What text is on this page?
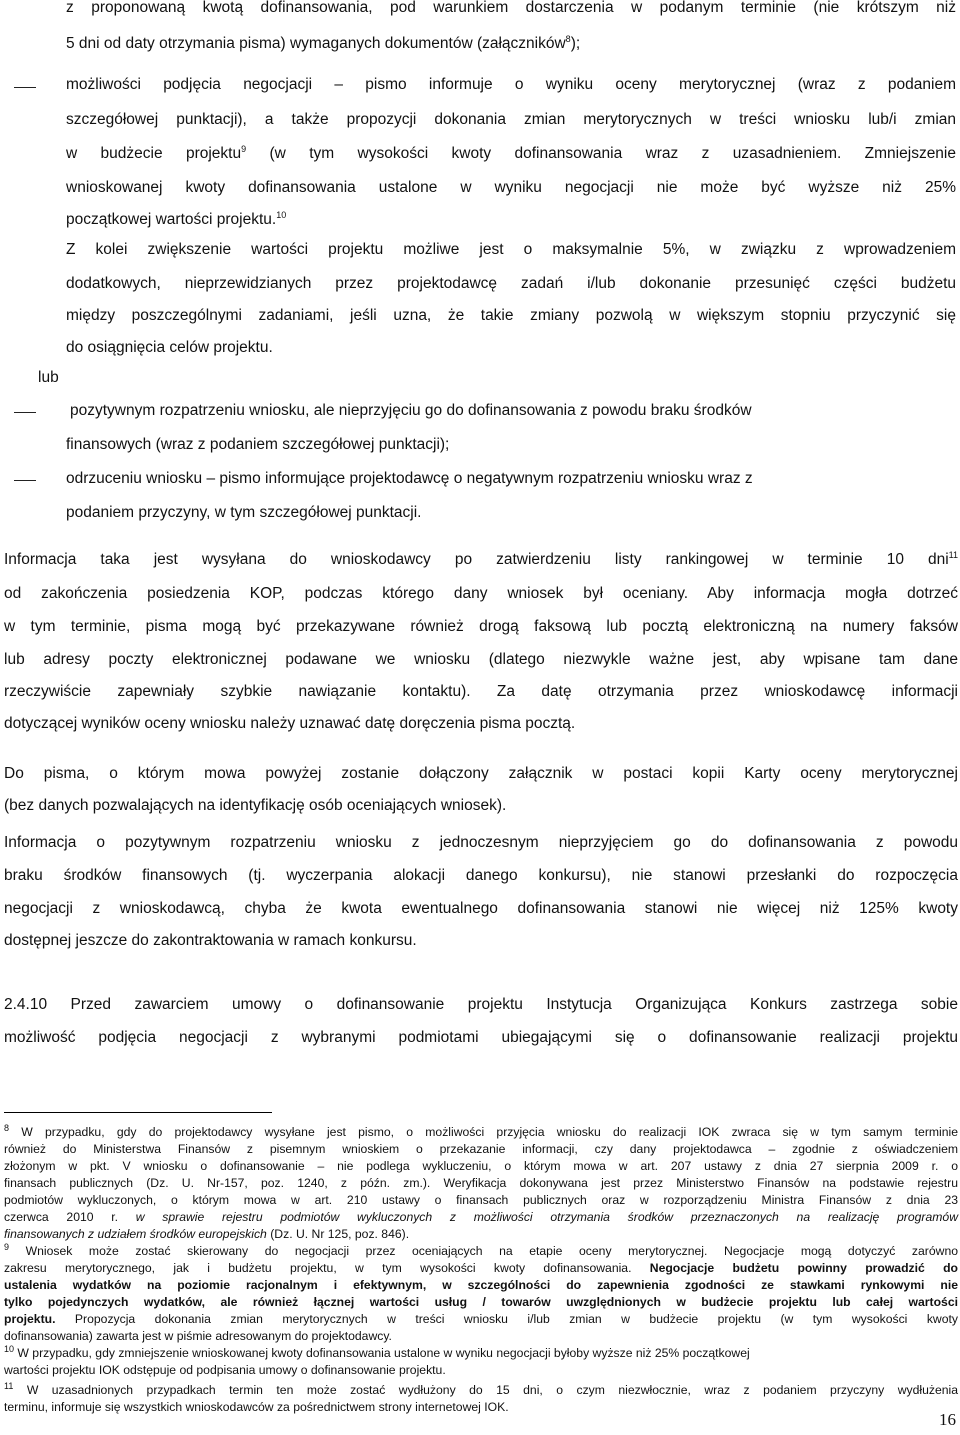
z proponowaną kwotą dofinansowania, pod warunkiem dostarczenia w podanym terminie (nie krótszym niż
5 dni od daty otrzymania pisma) wymaganych dokumentów (załączników$^8$);
możliwości podjęcia negocjacji – pismo informuje o wyniku oceny merytorycznej (wraz z podaniem
szczegółowej punktacji), a także propozycji dokonania zmian merytorycznych w treści wniosku lub/i zmian
w budżecie projektu$^9$ (w tym wysokości kwoty dofinansowania wraz z uzasadnieniem. Zmniejszenie
wnioskowanej kwoty dofinansowania ustalone w wyniku negocjacji nie może być wyższe niż 25%
początkowej wartości projektu.$^{10}$
Z kolei zwiększenie wartości projektu możliwe jest o maksymalnie 5%, w związku z wprowadzeniem
dodatkowych, nieprzewidzianych przez projektodawcę zadań i/lub dokonanie przesunięć części budżetu
między poszczególnymi zadaniami, jeśli uzna, że takie zmiany pozwolą w większym stopniu przyczynić się
do osiągnięcia celów projektu.
lub
pozytywnym rozpatrzeniu wniosku, ale nieprzyjęciu go do dofinansowania z powodu braku środków
finansowych (wraz z podaniem szczegółowej punktacji);
odrzuceniu wniosku – pismo informujące projektodawcę o negatywnym rozpatrzeniu wniosku wraz z
podaniem przyczyny, w tym szczegółowej punktacji.
Informacja taka jest wysyłana do wnioskodawcy po zatwierdzeniu listy rankingowej w terminie 10 dni$^{11}$
od zakończenia posiedzenia KOP, podczas którego dany wniosek był oceniany. Aby informacja mogła dotrzeć
w tym terminie, pisma mogą być przekazywane również drogą faksową lub pocztą elektroniczną na numery faksów
lub adresy poczty elektronicznej podawane we wniosku (dlatego niezwykle ważne jest, aby wpisane tam dane
rzeczywiście zapewniały szybkie nawiązanie kontaktu). Za datę otrzymania przez wnioskodawcę informacji
dotyczącej wyników oceny wniosku należy uznawać datę doręczenia pisma pocztą.
Do pisma, o którym mowa powyżej zostanie dołączony załącznik w postaci kopii Karty oceny merytorycznej
(bez danych pozwalających na identyfikację osób oceniających wniosek).
Informacja o pozytywnym rozpatrzeniu wniosku z jednoczesnym nieprzyjęciem go do dofinansowania z powodu
braku środków finansowych (tj. wyczerpania alokacji danego konkursu), nie stanowi przesłanki do rozpoczęcia
negocjacji z wnioskodawcą, chyba że kwota ewentualnego dofinansowania stanowi nie więcej niż 125% kwoty
dostępnej jeszcze do zakontraktowania w ramach konkursu.
2.4.10 Przed zawarciem umowy o dofinansowanie projektu Instytucja Organizująca Konkurs zastrzega sobie
możliwość podjęcia negocjacji z wybranymi podmiotami ubiegającymi się o dofinansowanie realizacji projektu
$^8$ W przypadku, gdy do projektodawcy wysyłane jest pismo, o możliwości przyjęcia wniosku do realizacji IOK zwraca się w tym samym terminie
również do Ministerstwa Finansów z pisemnym wnioskiem o przekazanie informacji, czy dany projektodawca – zgodnie z oświadczeniem
złożonym w pkt. V wniosku o dofinansowanie – nie podlega wykluczeniu, o którym mowa w art. 207 ustawy z dnia 27 sierpnia 2009 r. o
finansach publicznych (Dz. U. Nr-157, poz. 1240, z późn. zm.). Weryfikacja dokonywana jest przez Ministerstwo Finansów na podstawie rejestru
podmiotów wykluczonych, o którym mowa w art. 210 ustawy o finansach publicznych oraz w rozporządzeniu Ministra Finansów z dnia 23
czerwca 2010 r. w sprawie rejestru podmiotów wykluczonych z możliwości otrzymania środków przeznaczonych na realizację programów
finansowanych z udziałem środków europejskich (Dz. U. Nr 125, poz. 846).
$^9$ Wniosek może zostać skierowany do negocjacji przez oceniających na etapie oceny merytorycznej. Negocjacje mogą dotyczyć zarówno
zakresu merytorycznego, jak i budżetu projektu, w tym wysokości kwoty dofinansowania. Negocjacje budżetu powinny prowadzić do
ustalenia wydatków na poziomie racjonalnym i efektywnym, w szczególności do zapewnienia zgodności ze stawkami rynkowymi nie
tylko pojedynczych wydatków, ale również łącznej wartości usług / towarów uwzględnionych w budżecie projektu lub całej wartości
projektu. Propozycja dokonania zmian merytorycznych w treści wniosku i/lub zmian w budżecie projektu (w tym wysokości kwoty
dofinansowania) zawarta jest w piśmie adresowanym do projektodawcy.
$^{10}$ W przypadku, gdy zmniejszenie wnioskowanej kwoty dofinansowania ustalone w wyniku negocjacji byłoby wyższe niż 25% początkowej
wartości projektu IOK odstępuje od podpisania umowy o dofinansowanie projektu.
$^{11}$ W uzasadnionych przypadkach termin ten może zostać wydłużony do 15 dni, o czym niezwłocznie, wraz z podaniem przyczyny wydłużenia
terminu, informuje się wszystkich wnioskodawców za pośrednictwem strony internetowej IOK.
16
